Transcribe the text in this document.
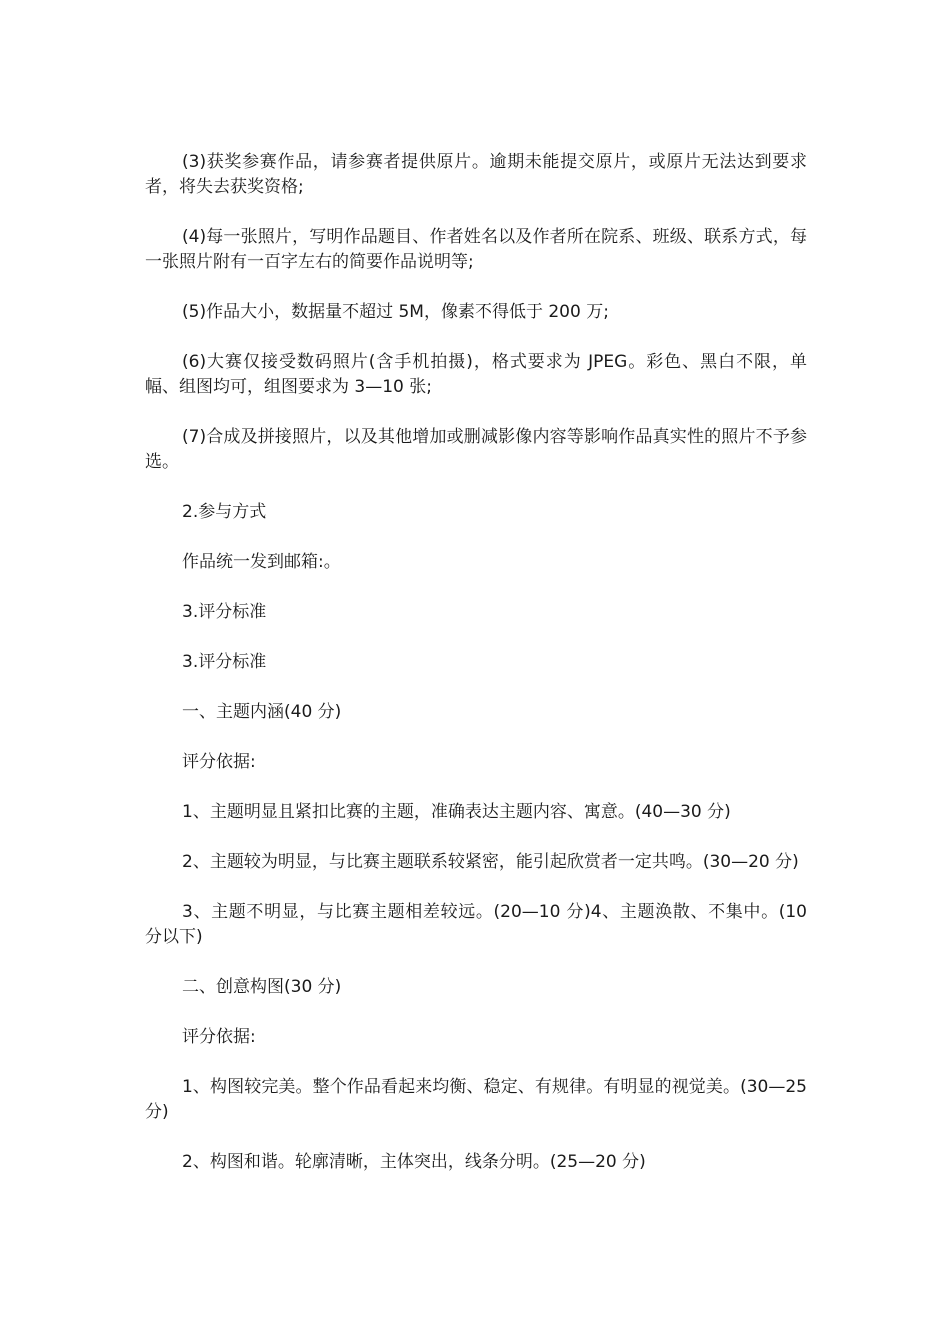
(3)获奖参赛作品，请参赛者提供原片。逾期未能提交原片，或原片无法达到要求者，将失去获奖资格;

(4)每一张照片，写明作品题目、作者姓名以及作者所在院系、班级、联系方式，每一张照片附有一百字左右的简要作品说明等;

(5)作品大小，数据量不超过 5M，像素不得低于 200 万;

(6)大赛仅接受数码照片(含手机拍摄)，格式要求为 JPEG。彩色、黑白不限，单幅、组图均可，组图要求为 3—10 张;

(7)合成及拼接照片，以及其他增加或删减影像内容等影响作品真实性的照片不予参选。

2.参与方式

作品统一发到邮箱:。

3.评分标准

3.评分标准

一、主题内涵(40 分)

评分依据:

1、主题明显且紧扣比赛的主题，准确表达主题内容、寓意。(40—30 分)

2、主题较为明显，与比赛主题联系较紧密，能引起欣赏者一定共鸣。(30—20 分)

3、主题不明显，与比赛主题相差较远。(20—10 分)4、主题涣散、不集中。(10 分以下)

二、创意构图(30 分)

评分依据:

1、构图较完美。整个作品看起来均衡、稳定、有规律。有明显的视觉美。(30—25 分)

2、构图和谐。轮廓清晰，主体突出，线条分明。(25—20 分)
